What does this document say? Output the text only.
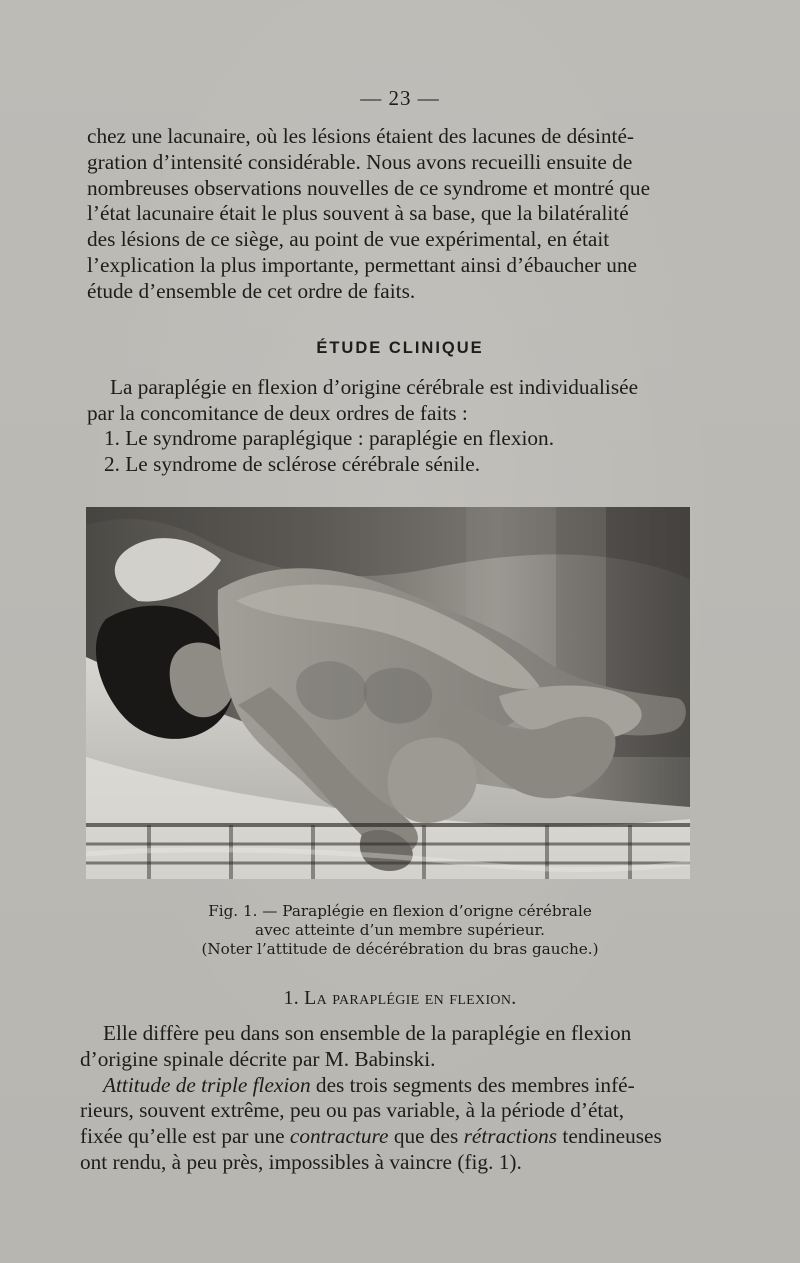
— 23 —
chez une lacunaire, où les lésions étaient des lacunes de désinté-
gration d’intensité considérable. Nous avons recueilli ensuite de
nombreuses observations nouvelles de ce syndrome et montré que
l’état lacunaire était le plus souvent à sa base, que la bilatéralité
des lésions de ce siège, au point de vue expérimental, en était
l’explication la plus importante, permettant ainsi d’ébaucher une
étude d’ensemble de cet ordre de faits.
ÉTUDE CLINIQUE
La paraplégie en flexion d’origine cérébrale est individualisée
par la concomitance de deux ordres de faits :
1. Le syndrome paraplégique : paraplégie en flexion.
2. Le syndrome de sclérose cérébrale sénile.
Fig. 1. — Paraplégie en flexion d’origne cérébrale
avec atteinte d’un membre supérieur.
(Noter l’attitude de décérébration du bras gauche.)
1. La paraplégie en flexion.
Elle diffère peu dans son ensemble de la paraplégie en flexion
d’origine spinale décrite par M. Babinski.
Attitude de triple flexion des trois segments des membres infé-
rieurs, souvent extrême, peu ou pas variable, à la période d’état,
fixée qu’elle est par une contracture que des rétractions tendineuses
ont rendu, à peu près, impossibles à vaincre (fig. 1).
